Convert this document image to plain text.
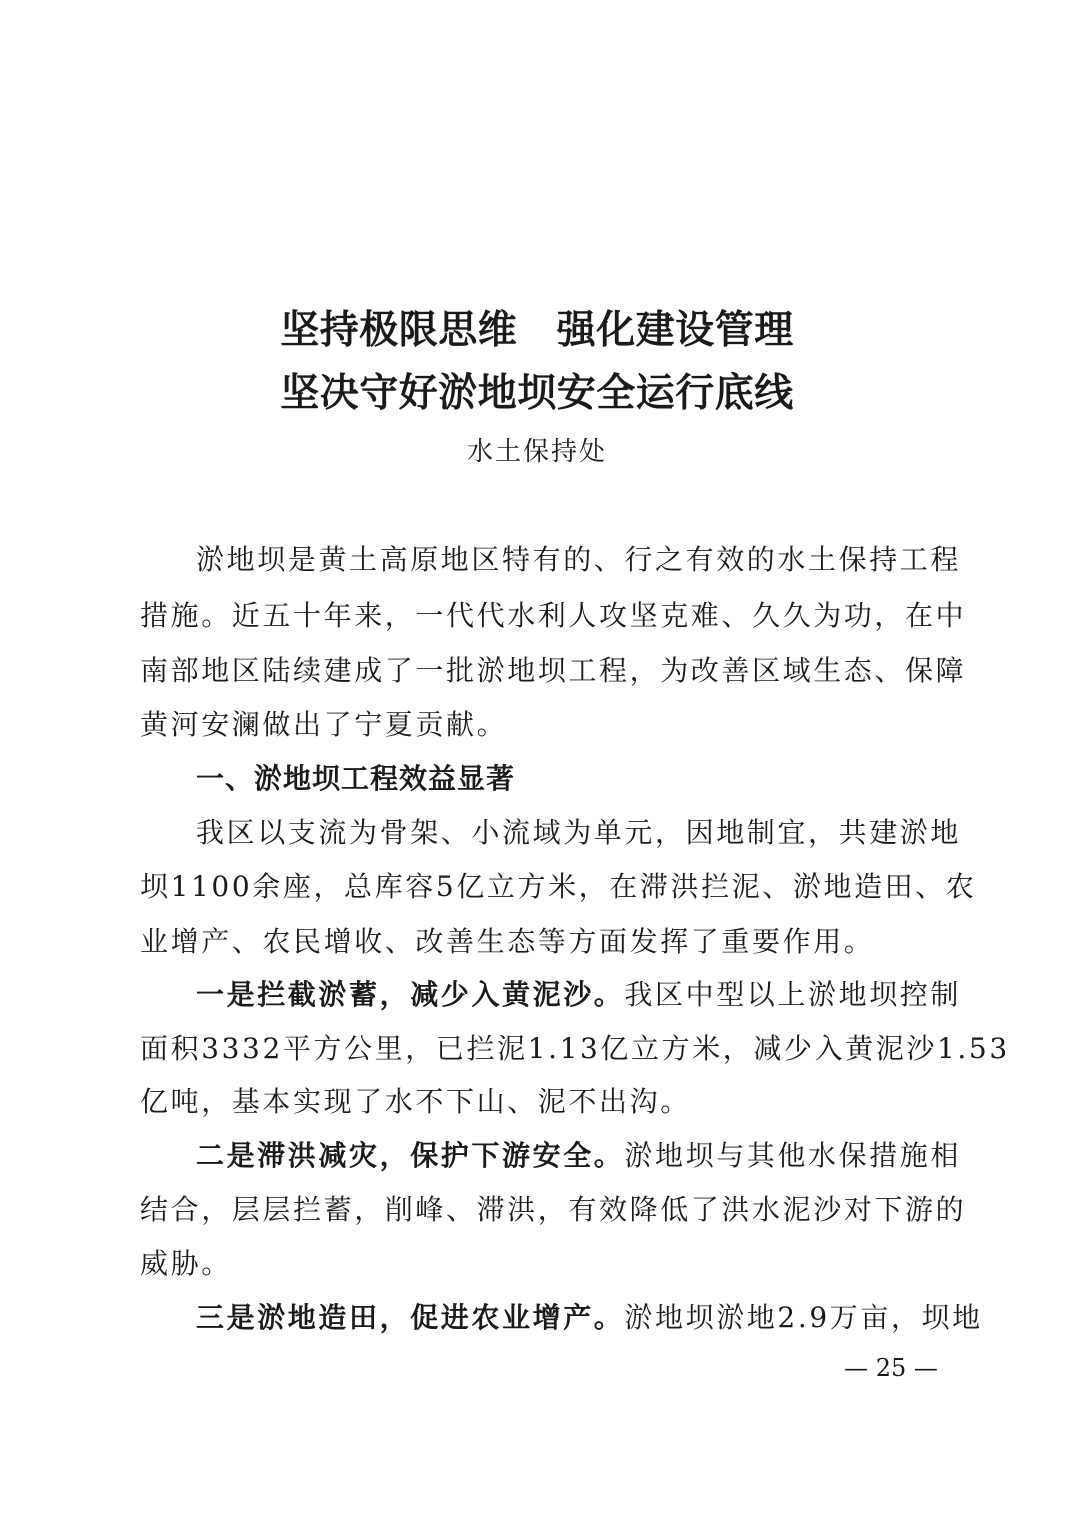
坚持极限思维　强化建设管理
坚决守好淤地坝安全运行底线
水土保持处
淤地坝是黄土高原地区特有的、行之有效的水土保持工程
措施。近五十年来，一代代水利人攻坚克难、久久为功，在中
南部地区陆续建成了一批淤地坝工程，为改善区域生态、保障
黄河安澜做出了宁夏贡献。
一、淤地坝工程效益显著
我区以支流为骨架、小流域为单元，因地制宜，共建淤地
坝1100余座，总库容5亿立方米，在滞洪拦泥、淤地造田、农
业增产、农民增收、改善生态等方面发挥了重要作用。
一是拦截淤蓄，减少入黄泥沙。我区中型以上淤地坝控制
面积3332平方公里，已拦泥1.13亿立方米，减少入黄泥沙1.53
亿吨，基本实现了水不下山、泥不出沟。
二是滞洪减灾，保护下游安全。淤地坝与其他水保措施相
结合，层层拦蓄，削峰、滞洪，有效降低了洪水泥沙对下游的
威胁。
三是淤地造田，促进农业增产。淤地坝淤地2.9万亩，坝地
— 25 —
